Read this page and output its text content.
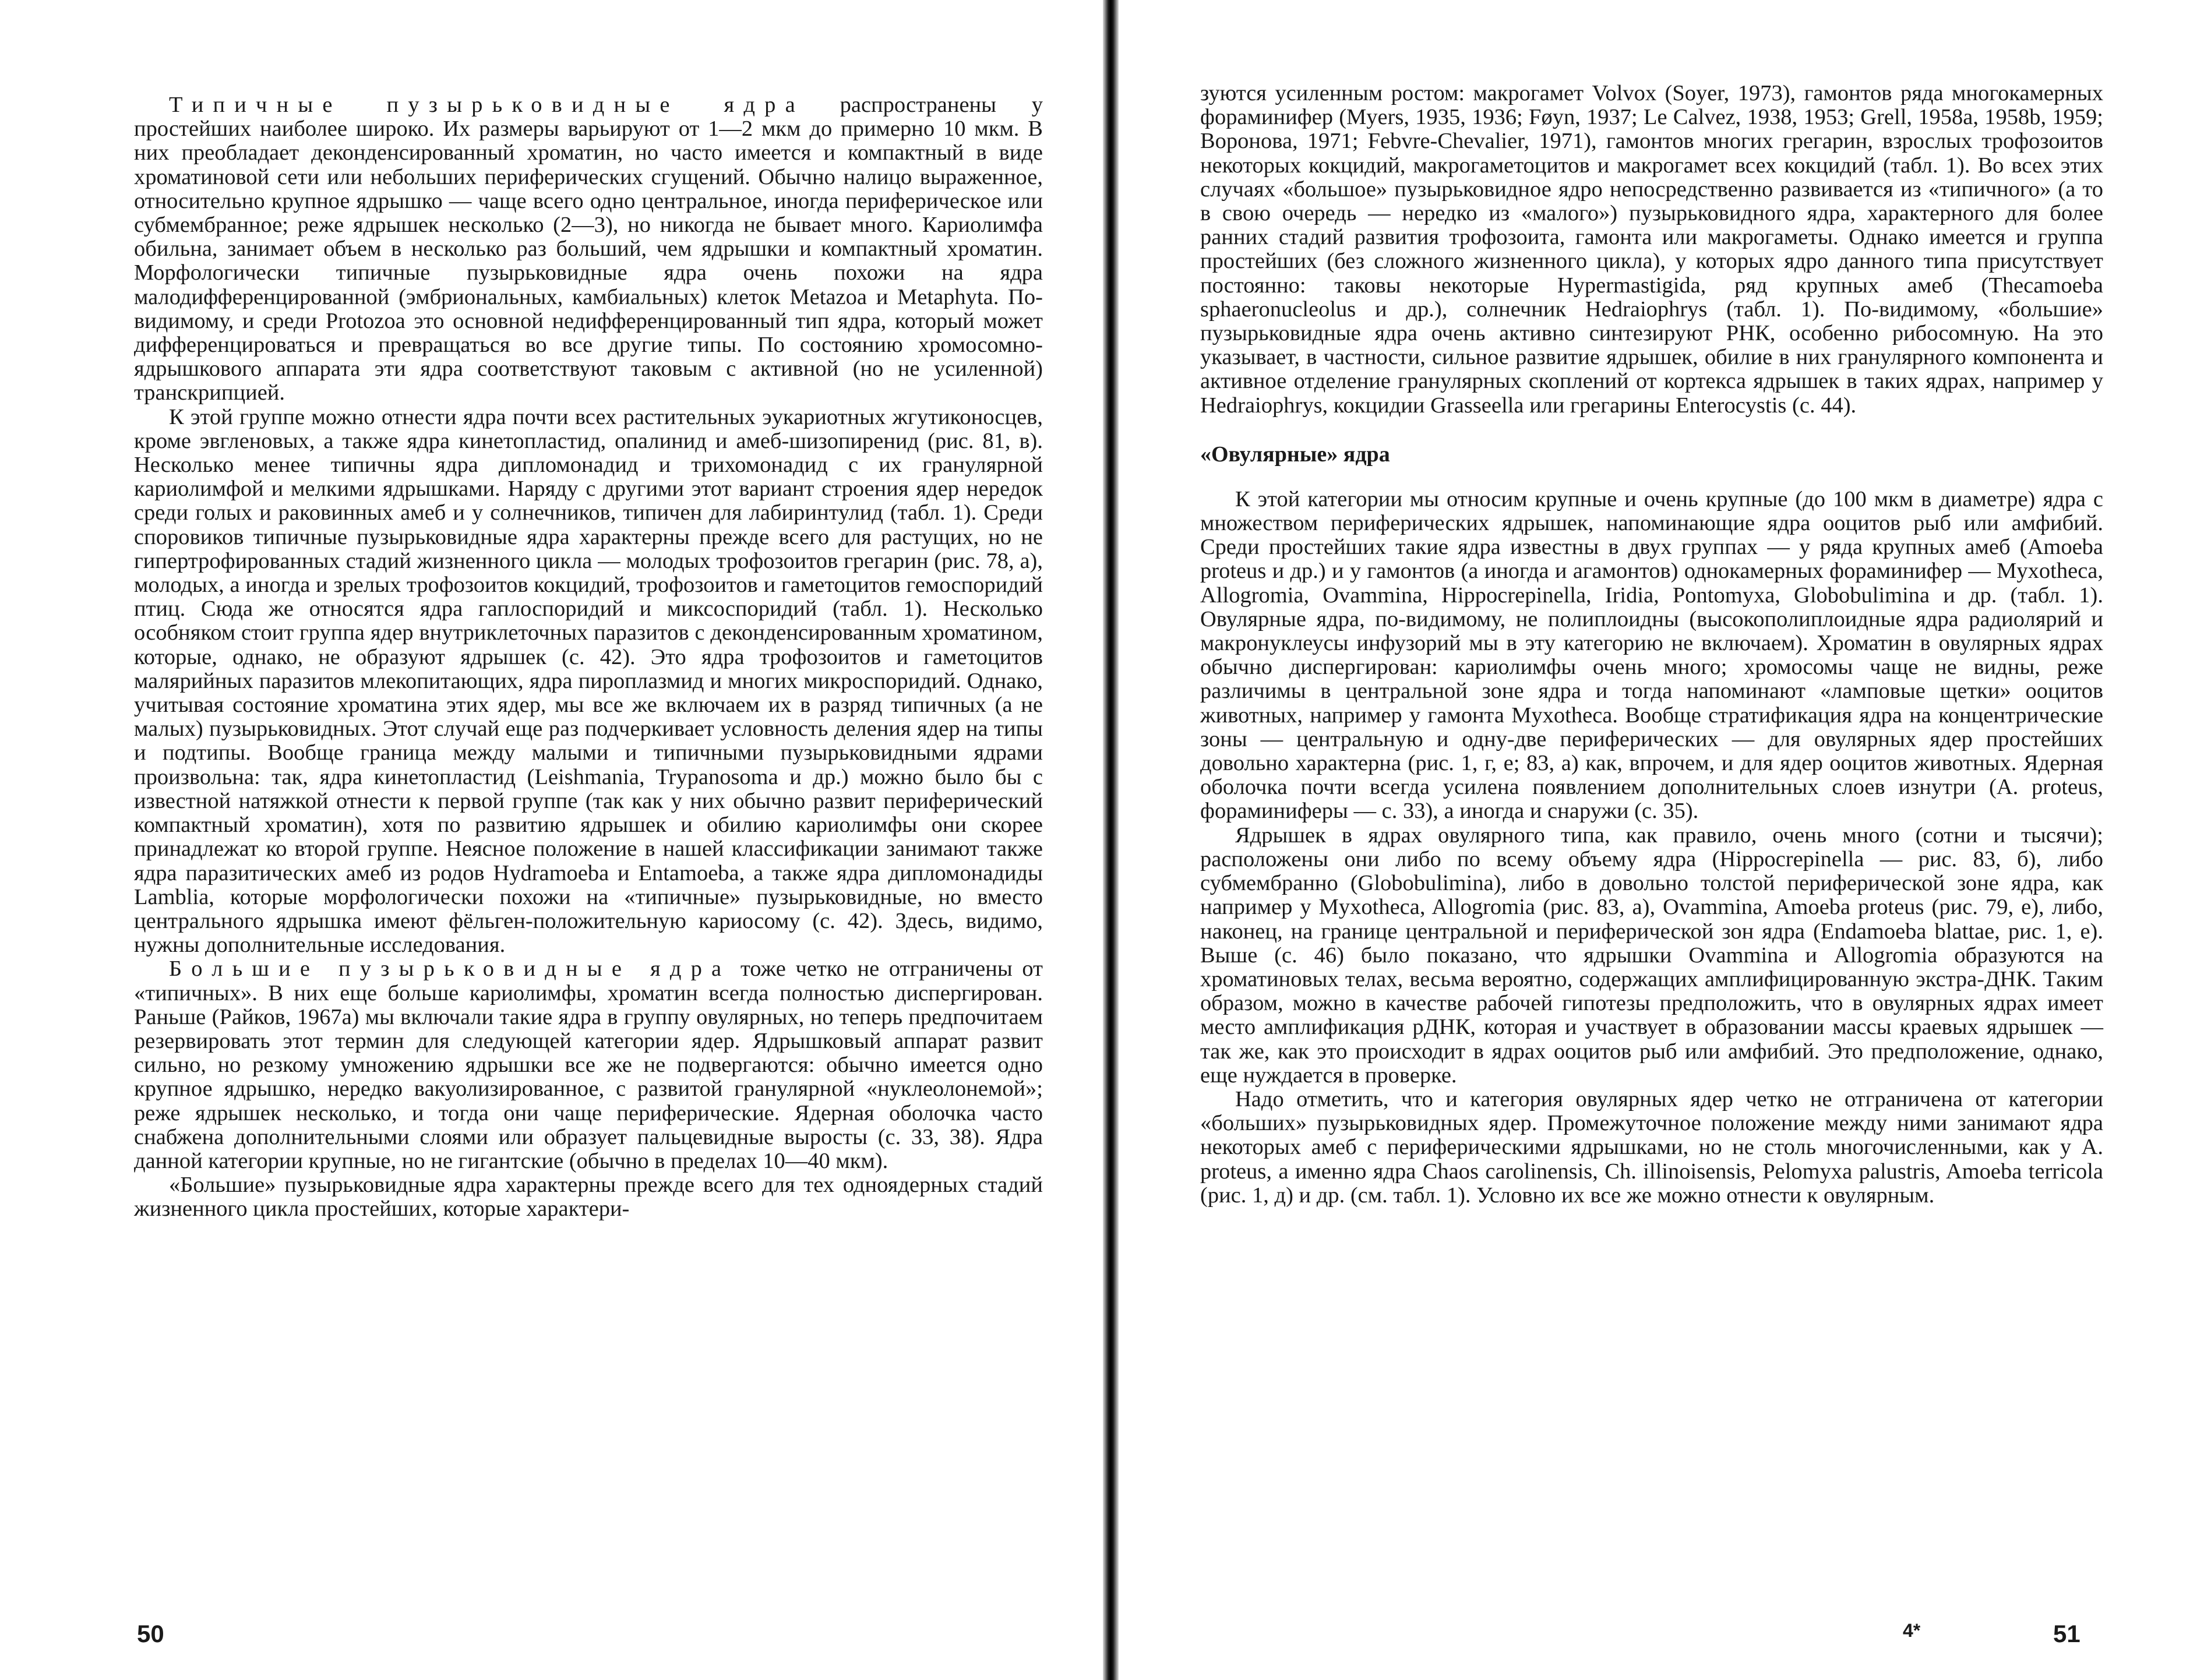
Типичные пузырьковидные ядра распространены у простейших наиболее широко. Их размеры варьируют от 1—2 мкм до примерно 10 мкм. В них преобладает деконденсированный хроматин, но часто имеется и компактный в виде хроматиновой сети или небольших периферических сгущений. Обычно налицо выраженное, относительно крупное ядрышко — чаще всего одно центральное, иногда периферическое или субмембранное; реже ядрышек несколько (2—3), но никогда не бывает много. Кариолимфа обильна, занимает объем в несколько раз больший, чем ядрышки и компактный хроматин. Морфологически типичные пузырьковидные ядра очень похожи на ядра малодифференцированной (эмбриональных, камбиальных) клеток Metazoa и Metaphyta. По-видимому, и среди Protozoa это основной недифференцированный тип ядра, который может дифференцироваться и превращаться во все другие типы. По состоянию хромосомно-ядрышкового аппарата эти ядра соответствуют таковым с активной (но не усиленной) транскрипцией.

К этой группе можно отнести ядра почти всех растительных эукариотных жгутиконосцев, кроме эвгленовых, а также ядра кинетопластид, опалинид и амеб-шизопиренид (рис. 81, в). Несколько менее типичны ядра дипломонадид и трихомонадид с их гранулярной кариолимфой и мелкими ядрышками. Наряду с другими этот вариант строения ядер нередок среди голых и раковинных амеб и у солнечников, типичен для лабиринтулид (табл. 1). Среди споровиков типичные пузырьковидные ядра характерны прежде всего для растущих, но не гипертрофированных стадий жизненного цикла — молодых трофозоитов грегарин (рис. 78, а), молодых, а иногда и зрелых трофозоитов кокцидий, трофозоитов и гаметоцитов гемоспоридий птиц. Сюда же относятся ядра гаплоспоридий и миксоспоридий (табл. 1). Несколько особняком стоит группа ядер внутриклеточных паразитов с деконденсированным хроматином, которые, однако, не образуют ядрышек (с. 42). Это ядра трофозоитов и гаметоцитов малярийных паразитов млекопитающих, ядра пироплазмид и многих микроспоридий. Однако, учитывая состояние хроматина этих ядер, мы все же включаем их в разряд типичных (а не малых) пузырьковидных. Этот случай еще раз подчеркивает условность деления ядер на типы и подтипы. Вообще граница между малыми и типичными пузырьковидными ядрами произвольна: так, ядра кинетопластид (Leishmania, Trypanosoma и др.) можно было бы с известной натяжкой отнести к первой группе (так как у них обычно развит периферический компактный хроматин), хотя по развитию ядрышек и обилию кариолимфы они скорее принадлежат ко второй группе. Неясное положение в нашей классификации занимают также ядра паразитических амеб из родов Hydramoeba и Entamoeba, а также ядра дипломонадиды Lamblia, которые морфологически похожи на «типичные» пузырьковидные, но вместо центрального ядрышка имеют фёльген-положительную кариосому (с. 42). Здесь, видимо, нужны дополнительные исследования.

Большие пузырьковидные ядра тоже четко не отграничены от «типичных». В них еще больше кариолимфы, хроматин всегда полностью диспергирован. Раньше (Райков, 1967а) мы включали такие ядра в группу овулярных, но теперь предпочитаем резервировать этот термин для следующей категории ядер. Ядрышковый аппарат развит сильно, но резкому умножению ядрышки все же не подвергаются: обычно имеется одно крупное ядрышко, нередко вакуолизированное, с развитой гранулярной «нуклеолонемой»; реже ядрышек несколько, и тогда они чаще периферические. Ядерная оболочка часто снабжена дополнительными слоями или образует пальцевидные выросты (с. 33, 38). Ядра данной категории крупные, но не гигантские (обычно в пределах 10—40 мкм).

«Большие» пузырьковидные ядра характерны прежде всего для тех одноядерных стадий жизненного цикла простейших, которые характери-

50

зуются усиленным ростом: макрогамет Volvox (Soyer, 1973), гамонтов ряда многокамерных фораминифер (Myers, 1935, 1936; Føyn, 1937; Le Calvez, 1938, 1953; Grell, 1958a, 1958b, 1959; Воронова, 1971; Febvre-Chevalier, 1971), гамонтов многих грегарин, взрослых трофозоитов некоторых кокцидий, макрогаметоцитов и макрогамет всех кокцидий (табл. 1). Во всех этих случаях «большое» пузырьковидное ядро непосредственно развивается из «типичного» (а то в свою очередь — нередко из «малого») пузырьковидного ядра, характерного для более ранних стадий развития трофозоита, гамонта или макрогаметы. Однако имеется и группа простейших (без сложного жизненного цикла), у которых ядро данного типа присутствует постоянно: таковы некоторые Hypermastigida, ряд крупных амеб (Thecamoeba sphaeronucleolus и др.), солнечник Hedraiophrys (табл. 1). По-видимому, «большие» пузырьковидные ядра очень активно синтезируют РНК, особенно рибосомную. На это указывает, в частности, сильное развитие ядрышек, обилие в них гранулярного компонента и активное отделение гранулярных скоплений от кортекса ядрышек в таких ядрах, например у Hedraiophrys, кокцидии Grasseella или грегарины Enterocystis (с. 44).

«Овулярные» ядра

К этой категории мы относим крупные и очень крупные (до 100 мкм в диаметре) ядра с множеством периферических ядрышек, напоминающие ядра ооцитов рыб или амфибий. Среди простейших такие ядра известны в двух группах — у ряда крупных амеб (Amoeba proteus и др.) и у гамонтов (а иногда и агамонтов) однокамерных фораминифер — Myxotheca, Allogromia, Ovammina, Hippocrepinella, Iridia, Pontomyxa, Globobulimina и др. (табл. 1). Овулярные ядра, по-видимому, не полиплоидны (высокополиплоидные ядра радиолярий и макронуклеусы инфузорий мы в эту категорию не включаем). Хроматин в овулярных ядрах обычно диспергирован: кариолимфы очень много; хромосомы чаще не видны, реже различимы в центральной зоне ядра и тогда напоминают «ламповые щетки» ооцитов животных, например у гамонта Myxotheca. Вообще стратификация ядра на концентрические зоны — центральную и одну-две периферических — для овулярных ядер простейших довольно характерна (рис. 1, г, е; 83, а) как, впрочем, и для ядер ооцитов животных. Ядерная оболочка почти всегда усилена появлением дополнительных слоев изнутри (A. proteus, фораминиферы — с. 33), а иногда и снаружи (с. 35).

Ядрышек в ядрах овулярного типа, как правило, очень много (сотни и тысячи); расположены они либо по всему объему ядра (Hippocrepinella — рис. 83, б), либо субмембранно (Globobulimina), либо в довольно толстой периферической зоне ядра, как например у Myxotheca, Allogromia (рис. 83, а), Ovammina, Amoeba proteus (рис. 79, е), либо, наконец, на границе центральной и периферической зон ядра (Endamoeba blattae, рис. 1, е). Выше (с. 46) было показано, что ядрышки Ovammina и Allogromia образуются на хроматиновых телах, весьма вероятно, содержащих амплифицированную экстра-ДНК. Таким образом, можно в качестве рабочей гипотезы предположить, что в овулярных ядрах имеет место амплификация рДНК, которая и участвует в образовании массы краевых ядрышек — так же, как это происходит в ядрах ооцитов рыб или амфибий. Это предположение, однако, еще нуждается в проверке.

Надо отметить, что и категория овулярных ядер четко не отграничена от категории «больших» пузырьковидных ядер. Промежуточное положение между ними занимают ядра некоторых амеб с периферическими ядрышками, но не столь многочисленными, как у A. proteus, а именно ядра Chaos carolinensis, Ch. illinoisensis, Pelomyxa palustris, Amoeba terricola (рис. 1, д) и др. (см. табл. 1). Условно их все же можно отнести к овулярным.

4*	51
